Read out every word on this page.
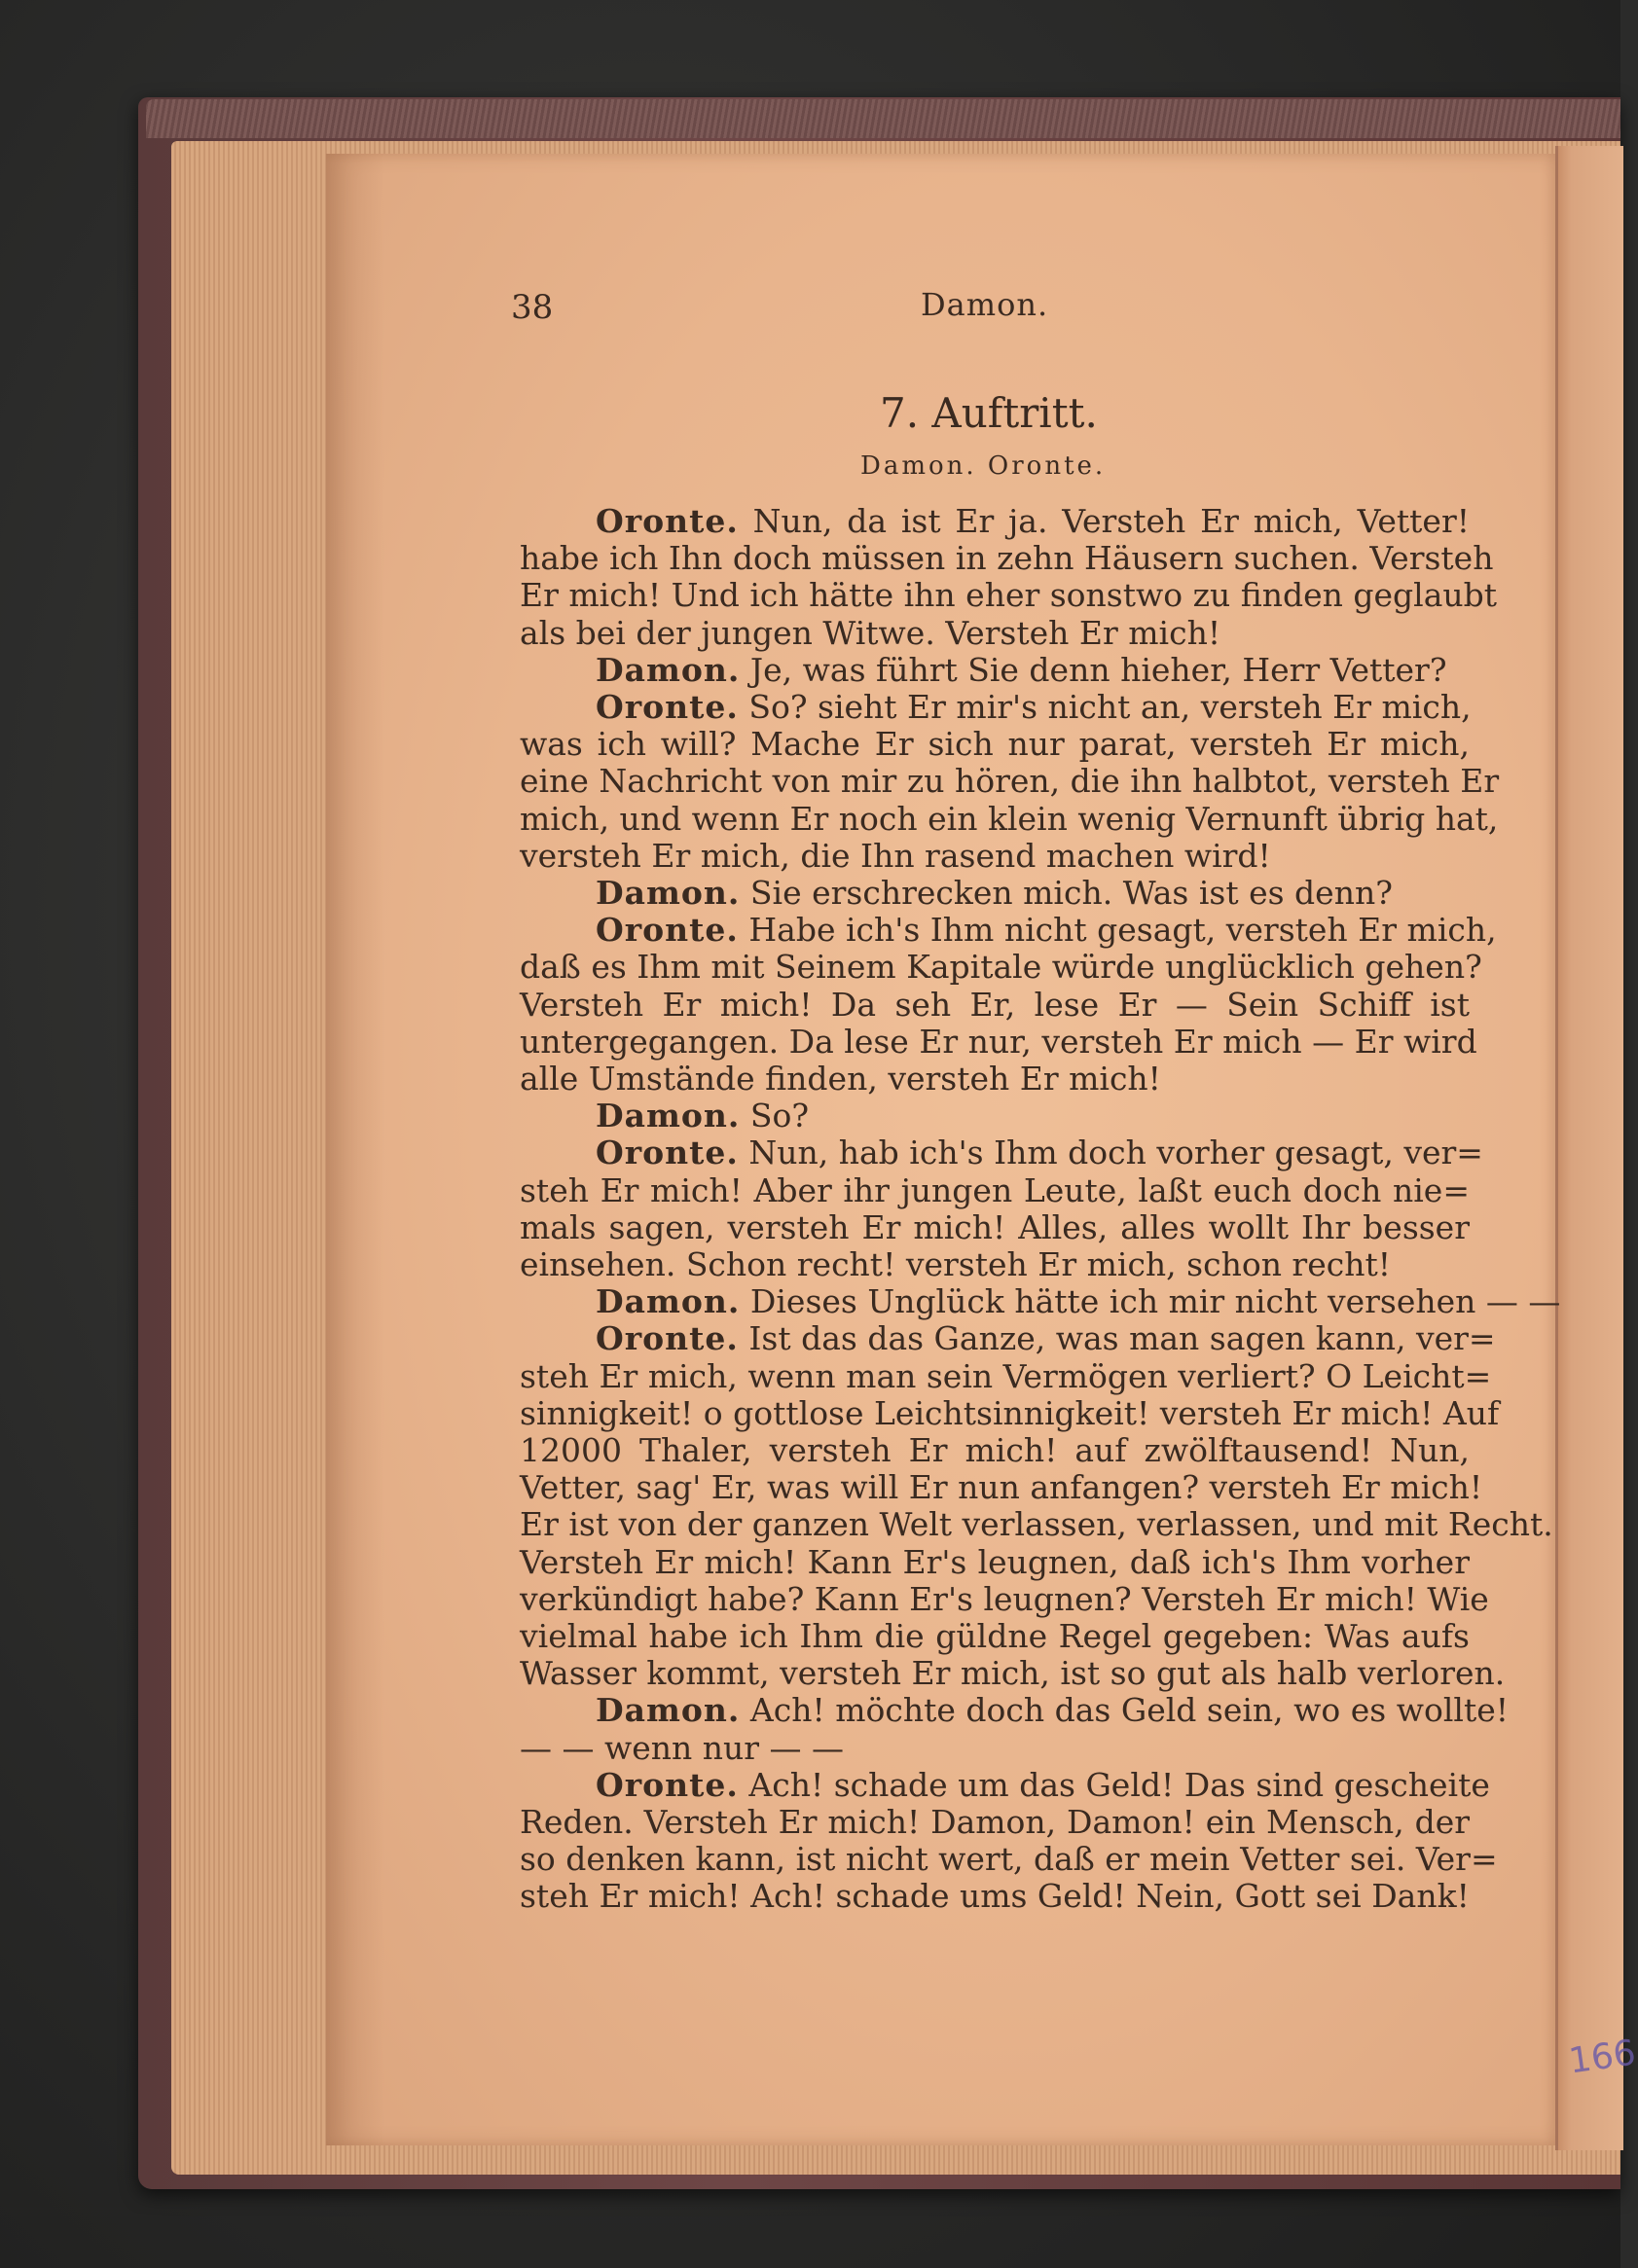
38	Damon.
7. Auftritt.
Damon. Oronte.
Oronte. Nun, da ist Er ja. Versteh Er mich, Vetter!
habe ich Ihn doch müssen in zehn Häusern suchen. Versteh
Er mich! Und ich hätte ihn eher sonstwo zu finden geglaubt
als bei der jungen Witwe. Versteh Er mich!
Damon. Je, was führt Sie denn hieher, Herr Vetter?
Oronte. So? sieht Er mir's nicht an, versteh Er mich,
was ich will? Mache Er sich nur parat, versteh Er mich,
eine Nachricht von mir zu hören, die ihn halbtot, versteh Er
mich, und wenn Er noch ein klein wenig Vernunft übrig hat,
versteh Er mich, die Ihn rasend machen wird!
Damon. Sie erschrecken mich. Was ist es denn?
Oronte. Habe ich's Ihm nicht gesagt, versteh Er mich,
daß es Ihm mit Seinem Kapitale würde unglücklich gehen?
Versteh Er mich! Da seh Er, lese Er — Sein Schiff ist
untergegangen. Da lese Er nur, versteh Er mich — Er wird
alle Umstände finden, versteh Er mich!
Damon. So?
Oronte. Nun, hab ich's Ihm doch vorher gesagt, ver=
steh Er mich! Aber ihr jungen Leute, laßt euch doch nie=
mals sagen, versteh Er mich! Alles, alles wollt Ihr besser
einsehen. Schon recht! versteh Er mich, schon recht!
Damon. Dieses Unglück hätte ich mir nicht versehen — —
Oronte. Ist das das Ganze, was man sagen kann, ver=
steh Er mich, wenn man sein Vermögen verliert? O Leicht=
sinnigkeit! o gottlose Leichtsinnigkeit! versteh Er mich! Auf
12000 Thaler, versteh Er mich! auf zwölftausend! Nun,
Vetter, sag' Er, was will Er nun anfangen? versteh Er mich!
Er ist von der ganzen Welt verlassen, verlassen, und mit Recht.
Versteh Er mich! Kann Er's leugnen, daß ich's Ihm vorher
verkündigt habe? Kann Er's leugnen? Versteh Er mich! Wie
vielmal habe ich Ihm die güldne Regel gegeben: Was aufs
Wasser kommt, versteh Er mich, ist so gut als halb verloren.
Damon. Ach! möchte doch das Geld sein, wo es wollte!
— — wenn nur — —
Oronte. Ach! schade um das Geld! Das sind gescheite
Reden. Versteh Er mich! Damon, Damon! ein Mensch, der
so denken kann, ist nicht wert, daß er mein Vetter sei. Ver=
steh Er mich! Ach! schade ums Geld! Nein, Gott sei Dank!
166
